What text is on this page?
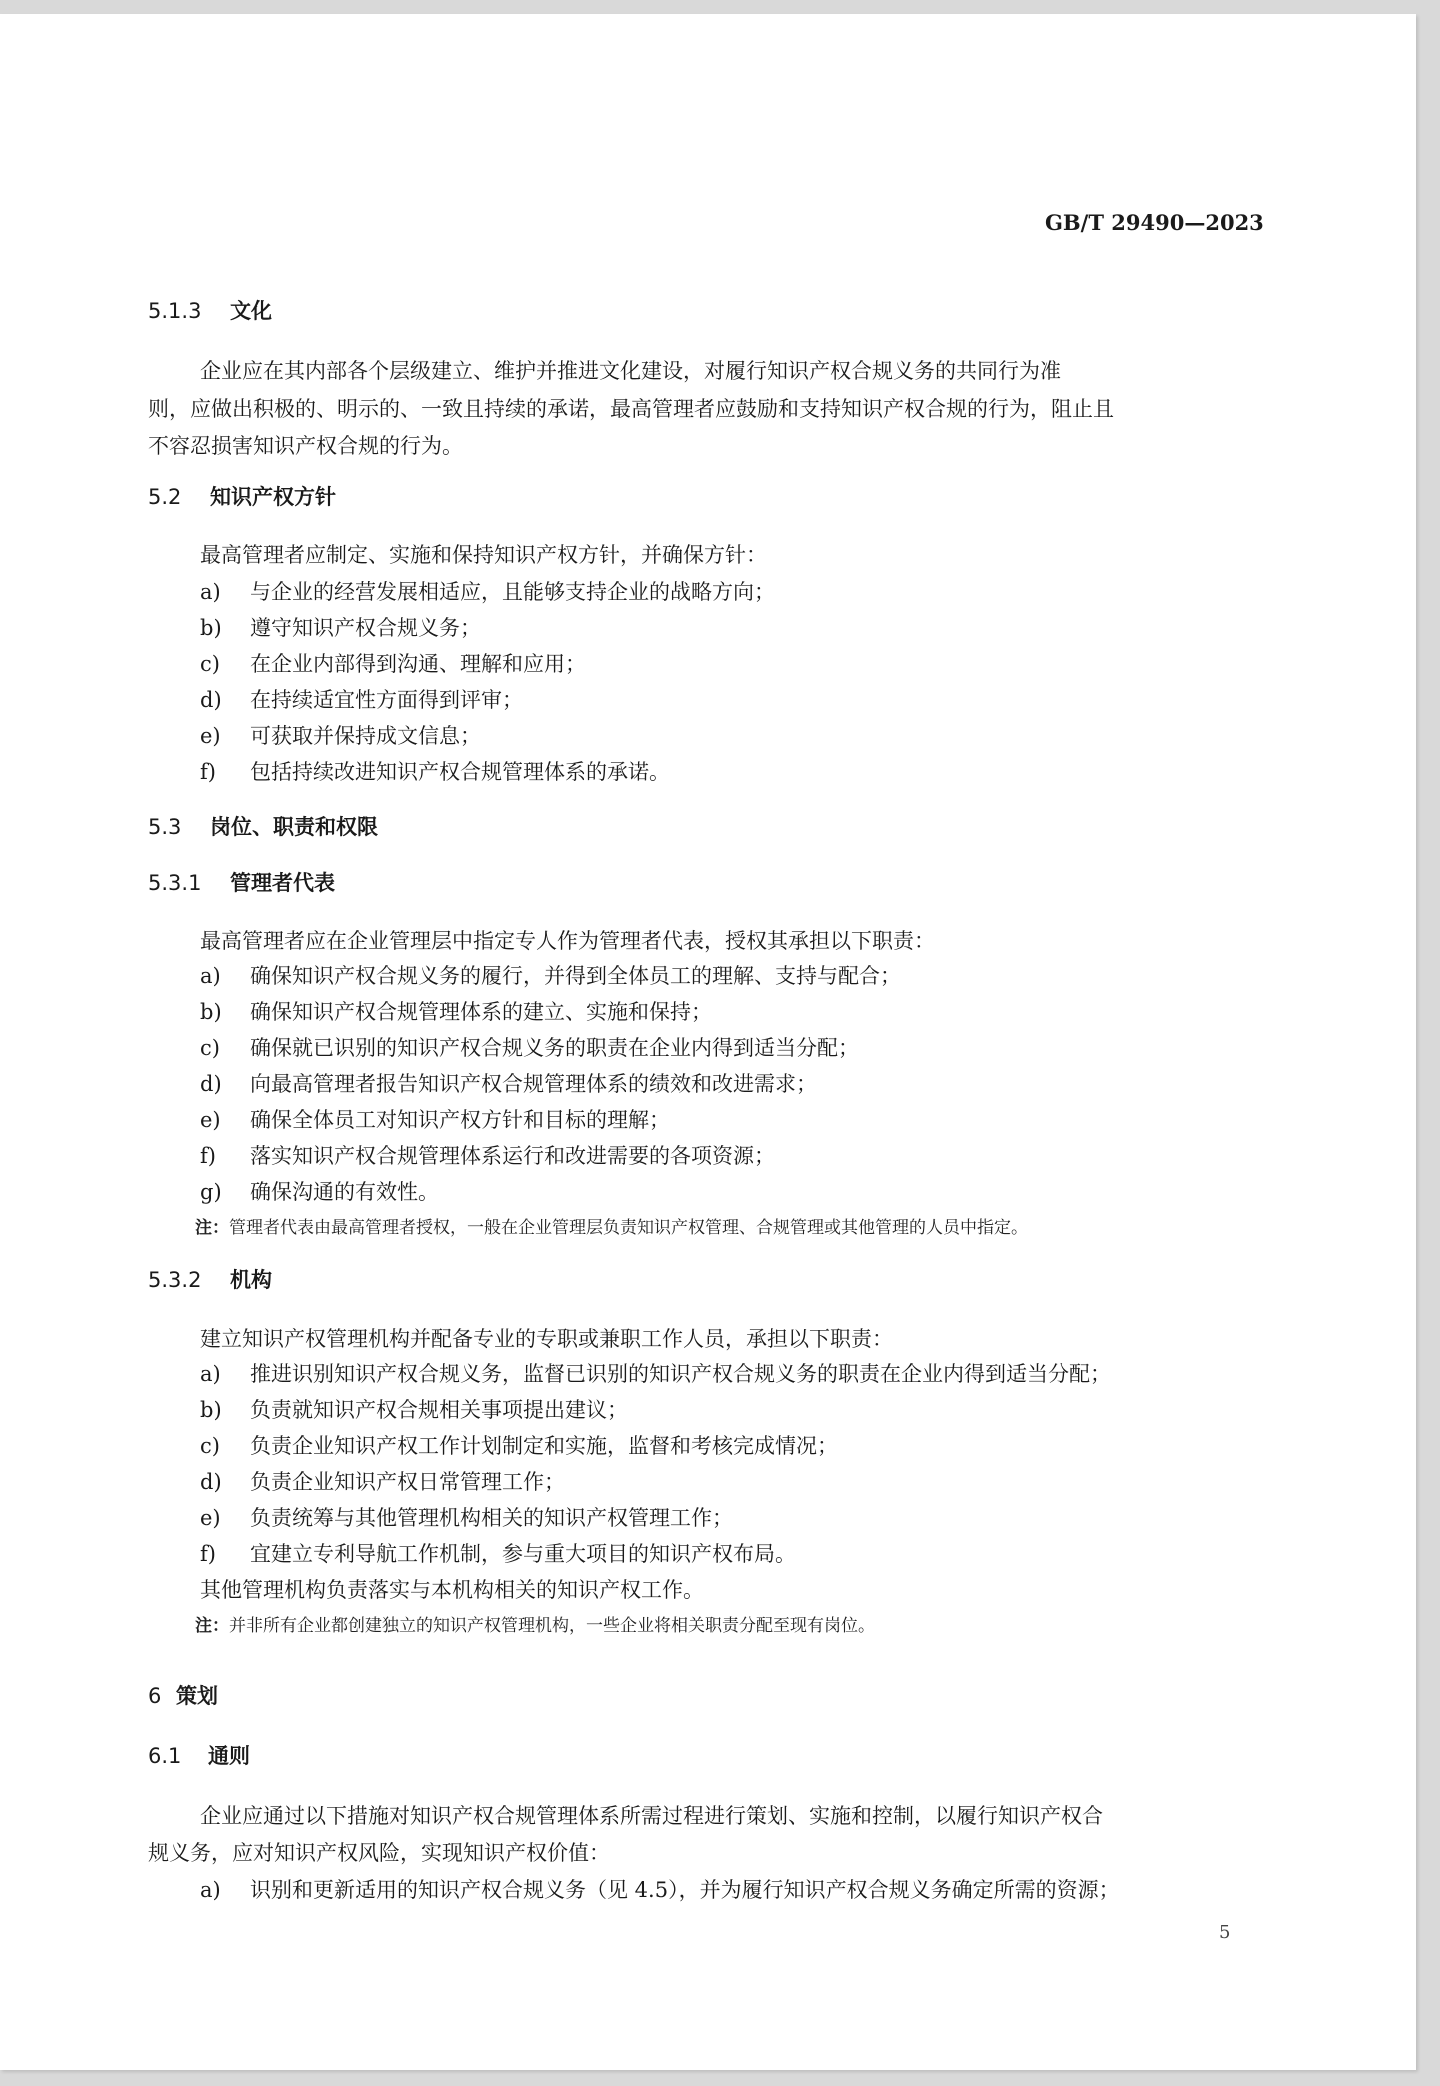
GB/T 29490—2023
5.1.3 文化
企业应在其内部各个层级建立、维护并推进文化建设，对履行知识产权合规义务的共同行为准
则，应做出积极的、明示的、一致且持续的承诺，最高管理者应鼓励和支持知识产权合规的行为，阻止且
不容忍损害知识产权合规的行为。
5.2 知识产权方针
最高管理者应制定、实施和保持知识产权方针，并确保方针：
a) 与企业的经营发展相适应，且能够支持企业的战略方向；
b) 遵守知识产权合规义务；
c) 在企业内部得到沟通、理解和应用；
d) 在持续适宜性方面得到评审；
e) 可获取并保持成文信息；
f) 包括持续改进知识产权合规管理体系的承诺。
5.3 岗位、职责和权限
5.3.1 管理者代表
最高管理者应在企业管理层中指定专人作为管理者代表，授权其承担以下职责：
a) 确保知识产权合规义务的履行，并得到全体员工的理解、支持与配合；
b) 确保知识产权合规管理体系的建立、实施和保持；
c) 确保就已识别的知识产权合规义务的职责在企业内得到适当分配；
d) 向最高管理者报告知识产权合规管理体系的绩效和改进需求；
e) 确保全体员工对知识产权方针和目标的理解；
f) 落实知识产权合规管理体系运行和改进需要的各项资源；
g) 确保沟通的有效性。
注：管理者代表由最高管理者授权，一般在企业管理层负责知识产权管理、合规管理或其他管理的人员中指定。
5.3.2 机构
建立知识产权管理机构并配备专业的专职或兼职工作人员，承担以下职责：
a) 推进识别知识产权合规义务，监督已识别的知识产权合规义务的职责在企业内得到适当分配；
b) 负责就知识产权合规相关事项提出建议；
c) 负责企业知识产权工作计划制定和实施，监督和考核完成情况；
d) 负责企业知识产权日常管理工作；
e) 负责统筹与其他管理机构相关的知识产权管理工作；
f) 宜建立专利导航工作机制，参与重大项目的知识产权布局。
其他管理机构负责落实与本机构相关的知识产权工作。
注：并非所有企业都创建独立的知识产权管理机构，一些企业将相关职责分配至现有岗位。
6 策划
6.1 通则
企业应通过以下措施对知识产权合规管理体系所需过程进行策划、实施和控制，以履行知识产权合
规义务，应对知识产权风险，实现知识产权价值：
a) 识别和更新适用的知识产权合规义务（见 4.5），并为履行知识产权合规义务确定所需的资源；
5
